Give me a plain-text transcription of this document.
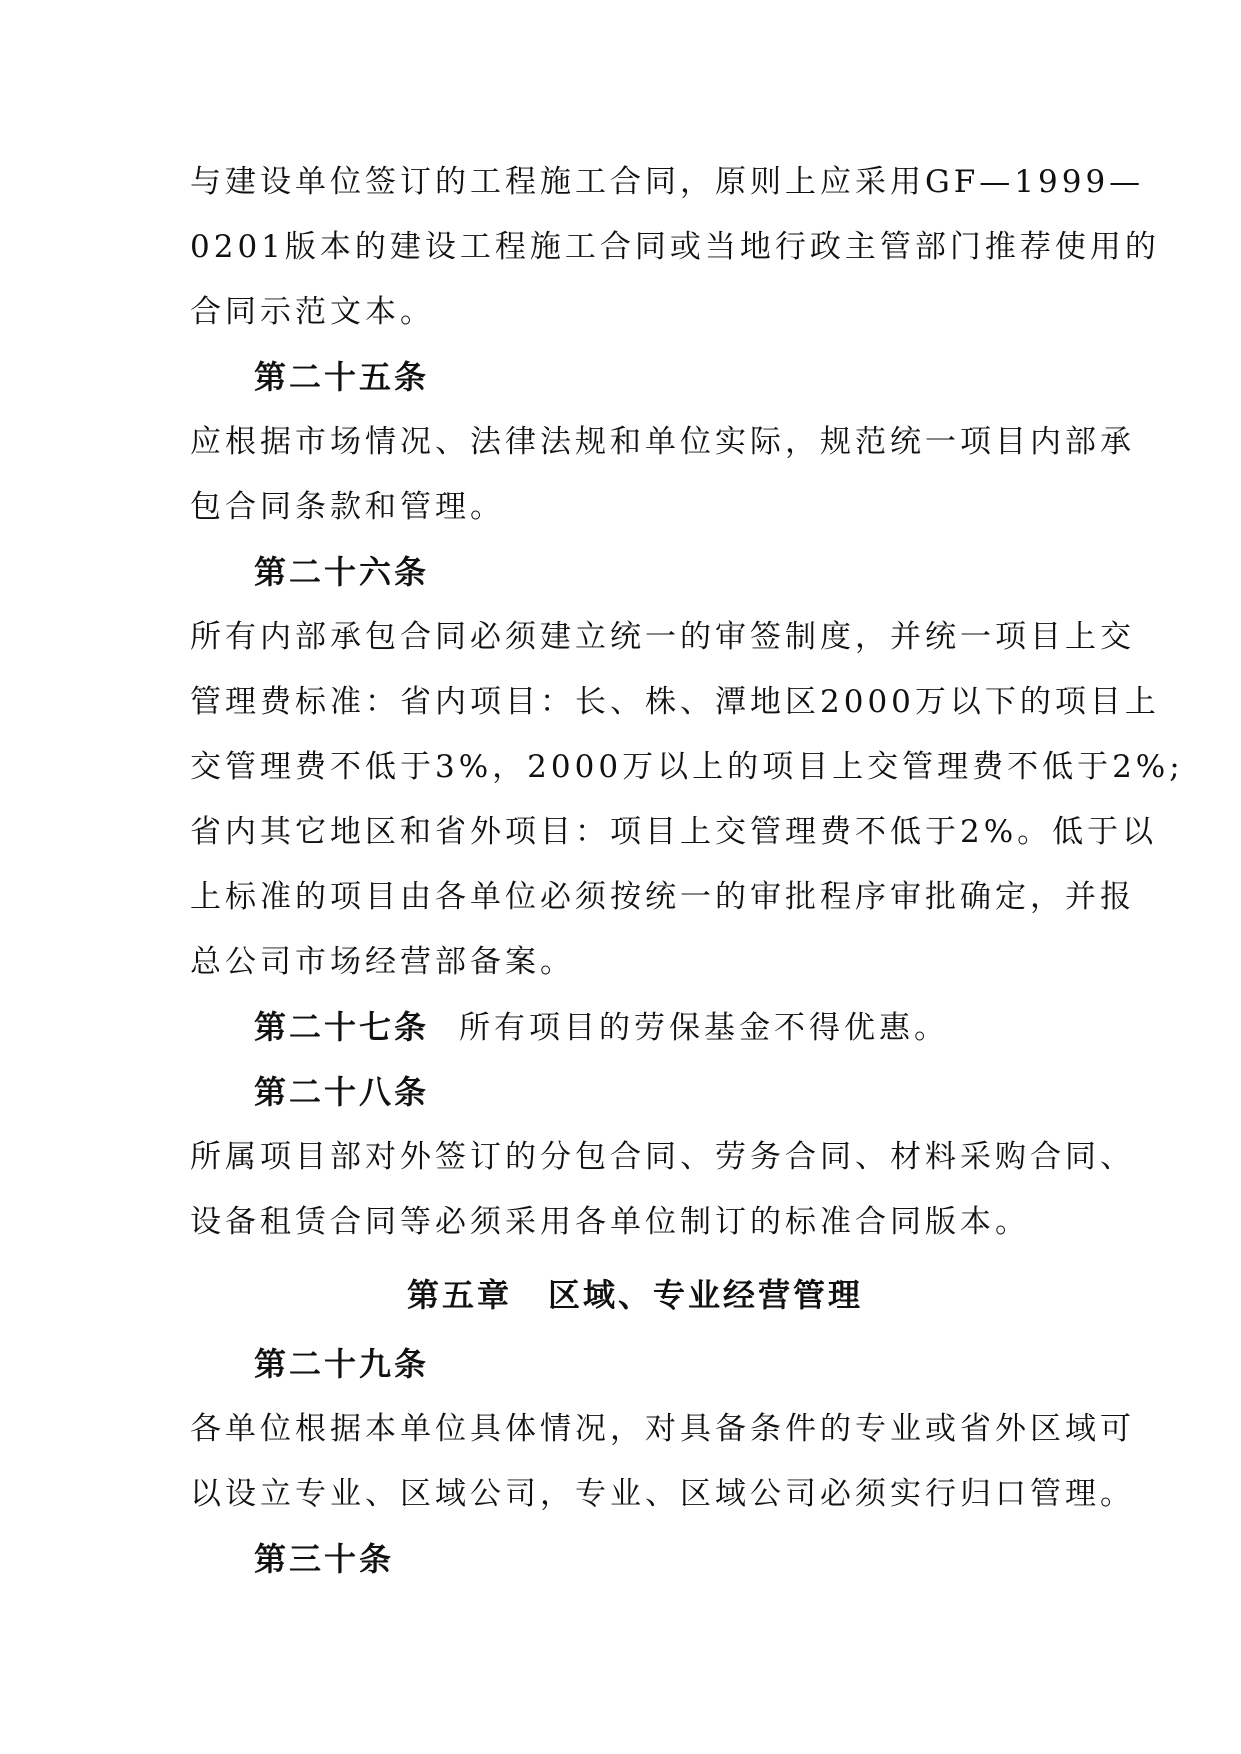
与建设单位签订的工程施工合同，原则上应采用GF—1999—
0201版本的建设工程施工合同或当地行政主管部门推荐使用的
合同示范文本。
第二十五条
应根据市场情况、法律法规和单位实际，规范统一项目内部承
包合同条款和管理。
第二十六条
所有内部承包合同必须建立统一的审签制度，并统一项目上交
管理费标准：省内项目：长、株、潭地区2000万以下的项目上
交管理费不低于3%，2000万以上的项目上交管理费不低于2%;
省内其它地区和省外项目：项目上交管理费不低于2%。低于以
上标准的项目由各单位必须按统一的审批程序审批确定，并报
总公司市场经营部备案。
第二十七条 所有项目的劳保基金不得优惠。
第二十八条
所属项目部对外签订的分包合同、劳务合同、材料采购合同、
设备租赁合同等必须采用各单位制订的标准合同版本。
第五章 区域、专业经营管理
第二十九条
各单位根据本单位具体情况，对具备条件的专业或省外区域可
以设立专业、区域公司，专业、区域公司必须实行归口管理。
第三十条
